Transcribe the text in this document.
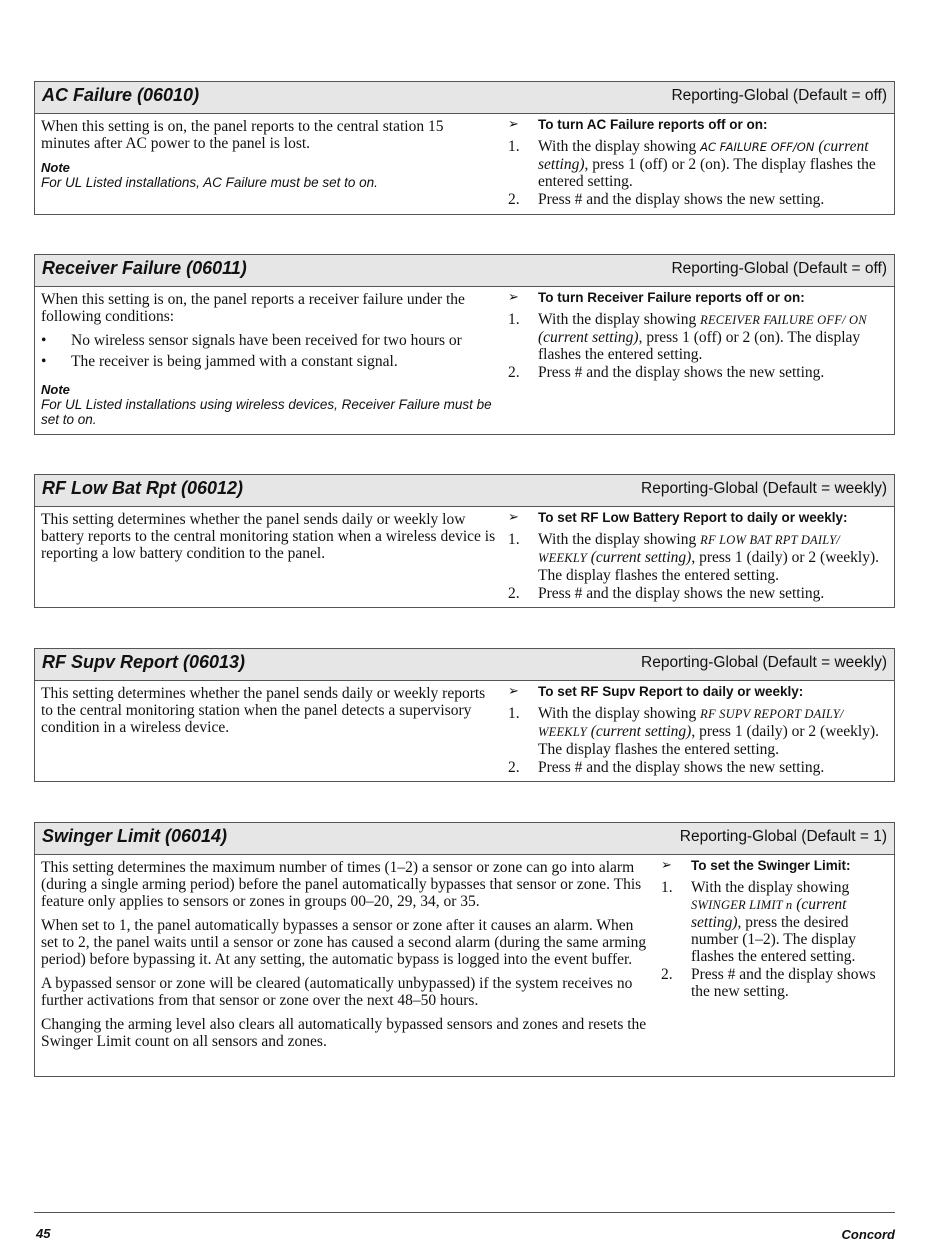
AC Failure (06010)	Reporting-Global (Default = off)
When this setting is on, the panel reports to the central station 15 minutes after AC power to the panel is lost.
Note
For UL Listed installations, AC Failure must be set to on.
➢ To turn AC Failure reports off or on:
1. With the display showing AC FAILURE OFF/ON (current setting), press 1 (off) or 2 (on). The display flashes the entered setting.
2. Press # and the display shows the new setting.
Receiver Failure (06011)	Reporting-Global (Default = off)
When this setting is on, the panel reports a receiver failure under the following conditions:
• No wireless sensor signals have been received for two hours or
• The receiver is being jammed with a constant signal.
Note
For UL Listed installations using wireless devices, Receiver Failure must be set to on.
➢ To turn Receiver Failure reports off or on:
1. With the display showing RECEIVER FAILURE OFF/ ON (current setting), press 1 (off) or 2 (on). The display flashes the entered setting.
2. Press # and the display shows the new setting.
RF Low Bat Rpt (06012)	Reporting-Global (Default = weekly)
This setting determines whether the panel sends daily or weekly low battery reports to the central monitoring station when a wireless device is reporting a low battery condition to the panel.
➢ To set RF Low Battery Report to daily or weekly:
1. With the display showing RF LOW BAT RPT DAILY/ WEEKLY (current setting), press 1 (daily) or 2 (weekly). The display flashes the entered setting.
2. Press # and the display shows the new setting.
RF Supv Report (06013)	Reporting-Global (Default = weekly)
This setting determines whether the panel sends daily or weekly reports to the central monitoring station when the panel detects a supervisory condition in a wireless device.
➢ To set RF Supv Report to daily or weekly:
1. With the display showing RF SUPV REPORT DAILY/ WEEKLY (current setting), press 1 (daily) or 2 (weekly). The display flashes the entered setting.
2. Press # and the display shows the new setting.
Swinger Limit (06014)	Reporting-Global (Default = 1)
This setting determines the maximum number of times (1–2) a sensor or zone can go into alarm (during a single arming period) before the panel automatically bypasses that sensor or zone. This feature only applies to sensors or zones in groups 00–20, 29, 34, or 35.
When set to 1, the panel automatically bypasses a sensor or zone after it causes an alarm. When set to 2, the panel waits until a sensor or zone has caused a second alarm (during the same arming period) before bypassing it. At any setting, the automatic bypass is logged into the event buffer.
A bypassed sensor or zone will be cleared (automatically unbypassed) if the system receives no further activations from that sensor or zone over the next 48–50 hours.
Changing the arming level also clears all automatically bypassed sensors and zones and resets the Swinger Limit count on all sensors and zones.
➢ To set the Swinger Limit:
1. With the display showing SWINGER LIMIT n (current setting), press the desired number (1–2). The display flashes the entered setting.
2. Press # and the display shows the new setting.
45	Concord
